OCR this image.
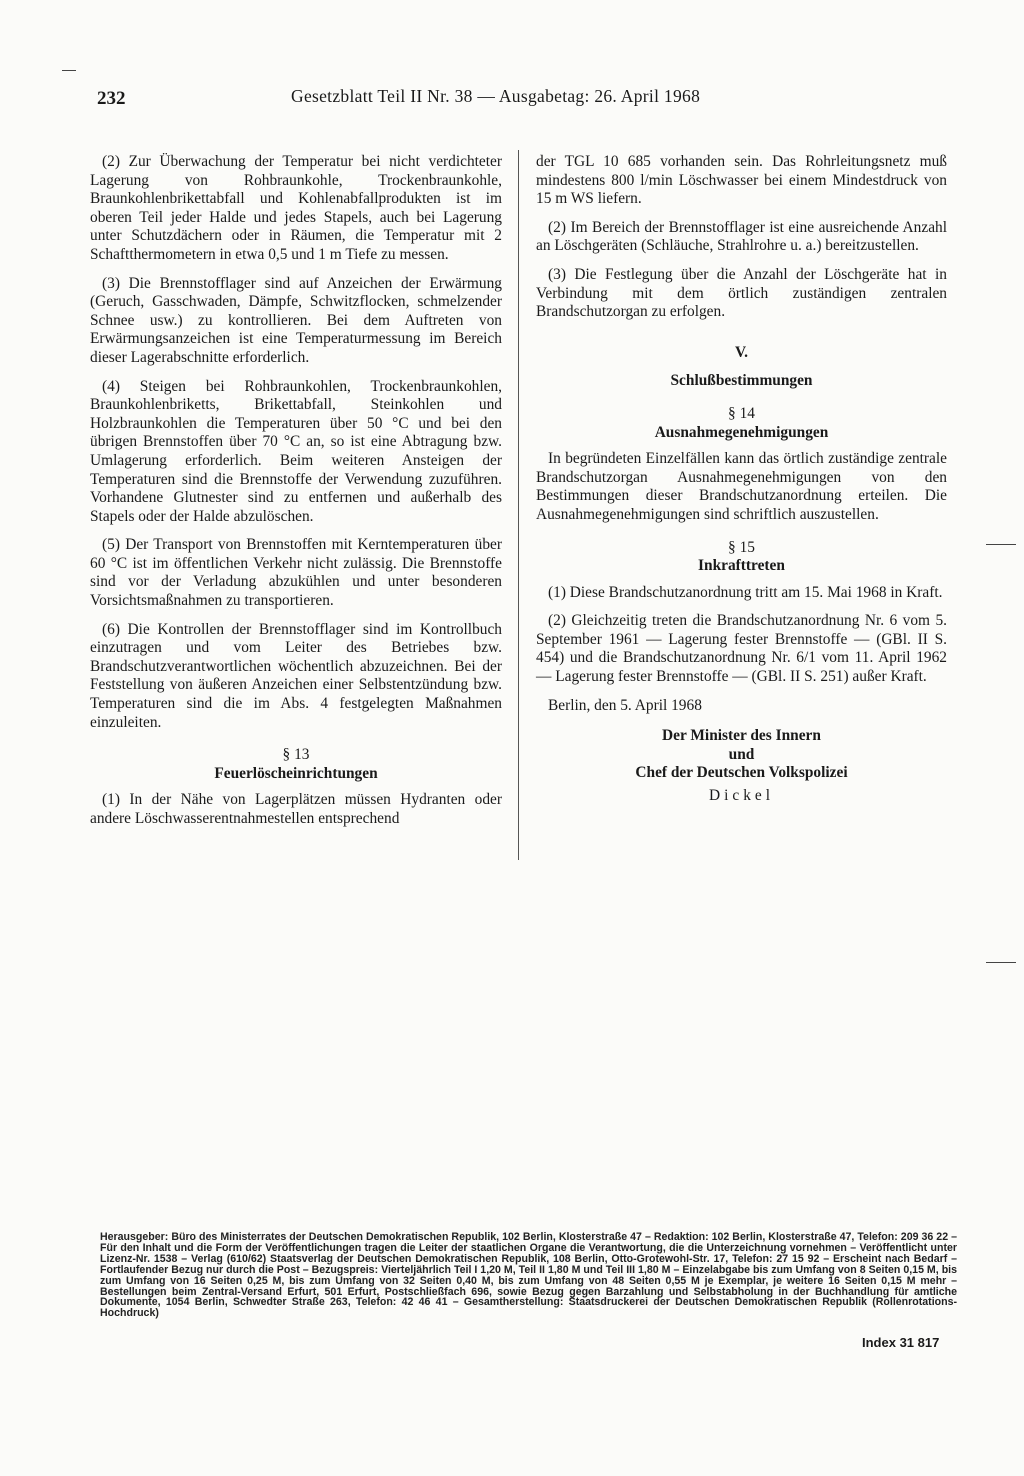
232	Gesetzblatt Teil II Nr. 38 — Ausgabetag: 26. April 1968

(2) Zur Überwachung der Temperatur bei nicht verdichteter Lagerung von Rohbraunkohle, Trockenbraunkohle, Braunkohlenbrikettabfall und Kohlenabfallprodukten ist im oberen Teil jeder Halde und jedes Stapels, auch bei Lagerung unter Schutzdächern oder in Räumen, die Temperatur mit 2 Schaftthermometern in etwa 0,5 und 1 m Tiefe zu messen.

(3) Die Brennstofflager sind auf Anzeichen der Erwärmung (Geruch, Gasschwaden, Dämpfe, Schwitzflocken, schmelzender Schnee usw.) zu kontrollieren. Bei dem Auftreten von Erwärmungsanzeichen ist eine Temperaturmessung im Bereich dieser Lagerabschnitte erforderlich.

(4) Steigen bei Rohbraunkohlen, Trockenbraunkohlen, Braunkohlenbriketts, Brikettabfall, Steinkohlen und Holzbraunkohlen die Temperaturen über 50 °C und bei den übrigen Brennstoffen über 70 °C an, so ist eine Abtragung bzw. Umlagerung erforderlich. Beim weiteren Ansteigen der Temperaturen sind die Brennstoffe der Verwendung zuzuführen. Vorhandene Glutnester sind zu entfernen und außerhalb des Stapels oder der Halde abzulöschen.

(5) Der Transport von Brennstoffen mit Kerntemperaturen über 60 °C ist im öffentlichen Verkehr nicht zulässig. Die Brennstoffe sind vor der Verladung abzukühlen und unter besonderen Vorsichtsmaßnahmen zu transportieren.

(6) Die Kontrollen der Brennstofflager sind im Kontrollbuch einzutragen und vom Leiter des Betriebes bzw. Brandschutzverantwortlichen wöchentlich abzuzeichnen. Bei der Feststellung von äußeren Anzeichen einer Selbstentzündung bzw. Temperaturen sind die im Abs. 4 festgelegten Maßnahmen einzuleiten.

§ 13
Feuerlöscheinrichtungen

(1) In der Nähe von Lagerplätzen müssen Hydranten oder andere Löschwasserentnahmestellen entsprechend

der TGL 10 685 vorhanden sein. Das Rohrleitungsnetz muß mindestens 800 l/min Löschwasser bei einem Mindestdruck von 15 m WS liefern.

(2) Im Bereich der Brennstofflager ist eine ausreichende Anzahl an Löschgeräten (Schläuche, Strahlrohre u. a.) bereitzustellen.

(3) Die Festlegung über die Anzahl der Löschgeräte hat in Verbindung mit dem örtlich zuständigen zentralen Brandschutzorgan zu erfolgen.

V.
Schlußbestimmungen
§ 14
Ausnahmegenehmigungen

In begründeten Einzelfällen kann das örtlich zuständige zentrale Brandschutzorgan Ausnahmegenehmigungen von den Bestimmungen dieser Brandschutzanordnung erteilen. Die Ausnahmegenehmigungen sind schriftlich auszustellen.

§ 15
Inkrafttreten

(1) Diese Brandschutzanordnung tritt am 15. Mai 1968 in Kraft.

(2) Gleichzeitig treten die Brandschutzanordnung Nr. 6 vom 5. September 1961 — Lagerung fester Brennstoffe — (GBl. II S. 454) und die Brandschutzanordnung Nr. 6/1 vom 11. April 1962 — Lagerung fester Brennstoffe — (GBl. II S. 251) außer Kraft.

Berlin, den 5. April 1968

Der Minister des Innern
und
Chef der Deutschen Volkspolizei
Dickel
Herausgeber: Büro des Ministerrates der Deutschen Demokratischen Republik, 102 Berlin, Klosterstraße 47 – Redaktion: 102 Berlin, Klosterstraße 47, Telefon: 209 36 22 – Für den Inhalt und die Form der Veröffentlichungen tragen die Leiter der staatlichen Organe die Verantwortung, die die Unterzeichnung vornehmen – Veröffentlicht unter Lizenz-Nr. 1538 – Verlag (610/62) Staatsverlag der Deutschen Demokratischen Republik, 108 Berlin, Otto-Grotewohl-Str. 17, Telefon: 27 15 92 – Erscheint nach Bedarf – Fortlaufender Bezug nur durch die Post – Bezugspreis: Vierteljährlich Teil I 1,20 M, Teil II 1,80 M und Teil III 1,80 M – Einzelabgabe bis zum Umfang von 8 Seiten 0,15 M, bis zum Umfang von 16 Seiten 0,25 M, bis zum Umfang von 32 Seiten 0,40 M, bis zum Umfang von 48 Seiten 0,55 M je Exemplar, je weitere 16 Seiten 0,15 M mehr – Bestellungen beim Zentral-Versand Erfurt, 501 Erfurt, Postschließfach 696, sowie Bezug gegen Barzahlung und Selbstabholung in der Buchhandlung für amtliche Dokumente, 1054 Berlin, Schwedter Straße 263, Telefon: 42 46 41 – Gesamtherstellung: Staatsdruckerei der Deutschen Demokratischen Republik (Rollenrotations-Hochdruck)
Index 31 817
